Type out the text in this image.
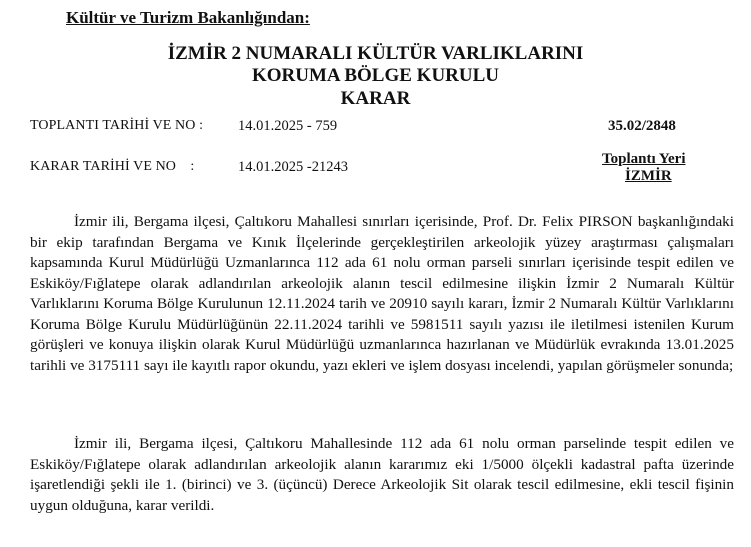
Kültür ve Turizm Bakanlığından:
İZMİR 2 NUMARALI KÜLTÜR VARLIKLARINI
KORUMA BÖLGE KURULU
KARAR
TOPLANTI TARİHİ VE NO : 14.01.2025 - 759	35.02/2848
KARAR TARİHİ VE NO    :	14.01.2025 -21243	Toplantı Yeri
İZMİR

İzmir ili, Bergama ilçesi, Çaltıkoru Mahallesi sınırları içerisinde, Prof. Dr. Felix PIRSON başkanlığındaki bir ekip tarafından Bergama ve Kınık İlçelerinde gerçekleştirilen arkeolojik yüzey araştırması çalışmaları kapsamında Kurul Müdürlüğü Uzmanlarınca 112 ada 61 nolu orman parseli sınırları içerisinde tespit edilen ve Eskiköy/Fığlatepe olarak adlandırılan arkeolojik alanın tescil edilmesine ilişkin İzmir 2 Numaralı Kültür Varlıklarını Koruma Bölge Kurulunun 12.11.2024 tarih ve 20910 sayılı kararı, İzmir 2 Numaralı Kültür Varlıklarını Koruma Bölge Kurulu Müdürlüğünün 22.11.2024 tarihli ve 5981511 sayılı yazısı ile iletilmesi istenilen Kurum görüşleri ve konuya ilişkin olarak Kurul Müdürlüğü uzmanlarınca hazırlanan ve Müdürlük evrakında 13.01.2025 tarihli ve 3175111 sayı ile kayıtlı rapor okundu, yazı ekleri ve işlem dosyası incelendi, yapılan görüşmeler sonunda;

İzmir ili, Bergama ilçesi, Çaltıkoru Mahallesinde 112 ada 61 nolu orman parselinde tespit edilen ve Eskiköy/Fığlatepe olarak adlandırılan arkeolojik alanın kararımız eki 1/5000 ölçekli kadastral pafta üzerinde işaretlendiği şekli ile 1. (birinci) ve 3. (üçüncü) Derece Arkeolojik Sit olarak tescil edilmesine, ekli tescil fişinin uygun olduğuna, karar verildi.
